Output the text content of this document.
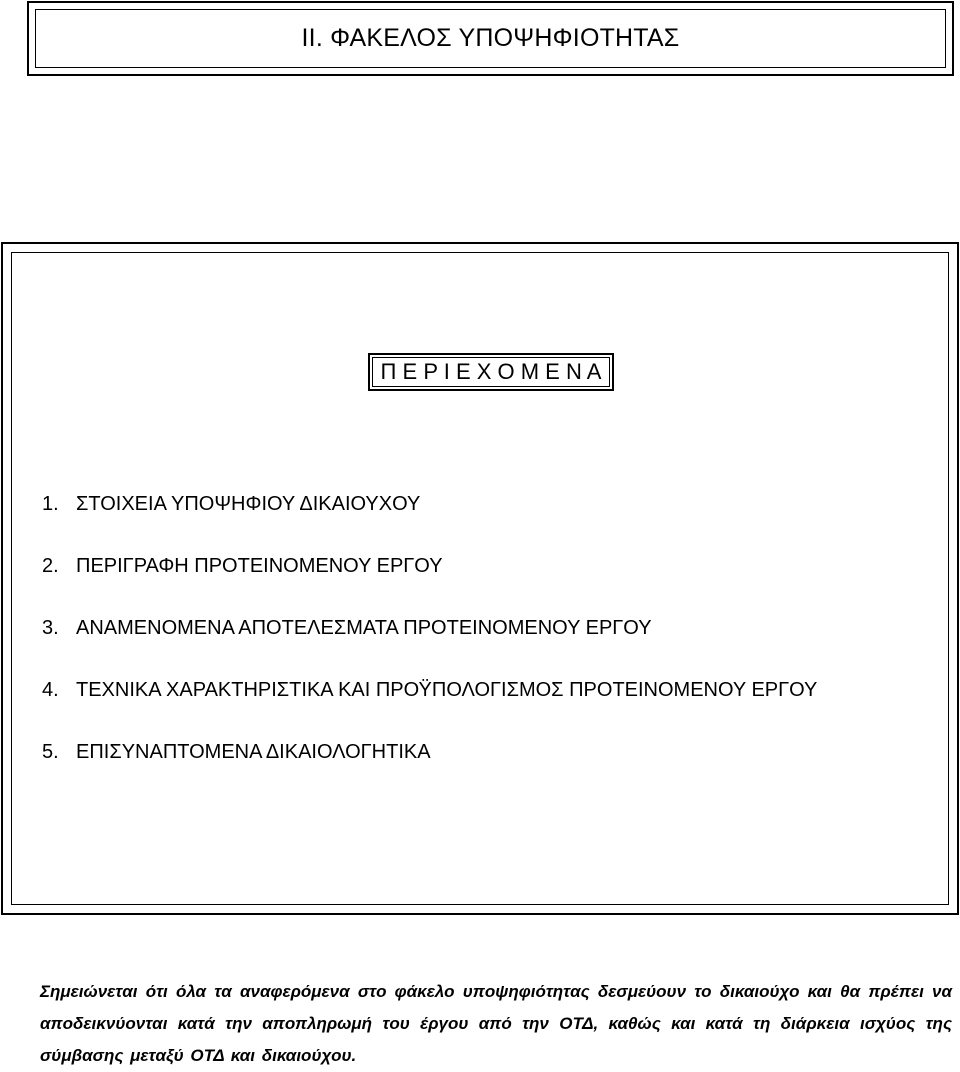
II. ΦΑΚΕΛΟΣ ΥΠΟΨΗΦΙΟΤΗΤΑΣ
Π Ε Ρ Ι Ε Χ Ο Μ Ε Ν Α
1. ΣΤΟΙΧΕΙΑ ΥΠΟΨΗΦΙΟΥ ΔΙΚΑΙΟΥΧΟΥ
2. ΠΕΡΙΓΡΑΦΗ ΠΡΟΤΕΙΝΟΜΕΝΟΥ ΕΡΓΟΥ
3. ΑΝΑΜΕΝΟΜΕΝΑ ΑΠΟΤΕΛΕΣΜΑΤΑ ΠΡΟΤΕΙΝΟΜΕΝΟΥ ΕΡΓΟΥ
4. ΤΕΧΝΙΚΑ ΧΑΡΑΚΤΗΡΙΣΤΙΚΑ ΚΑΙ ΠΡΟΫΠΟΛΟΓΙΣΜΟΣ ΠΡΟΤΕΙΝΟΜΕΝΟΥ ΕΡΓΟΥ
5. ΕΠΙΣΥΝΑΠΤΟΜΕΝΑ ΔΙΚΑΙΟΛΟΓΗΤΙΚΑ

Σημειώνεται ότι όλα τα αναφερόμενα στο φάκελο υποψηφιότητας δεσμεύουν το δικαιούχο και θα πρέπει να αποδεικνύονται κατά την αποπληρωμή του έργου από την ΟΤΔ, καθώς και κατά τη διάρκεια ισχύος της σύμβασης μεταξύ ΟΤΔ και δικαιούχου.
